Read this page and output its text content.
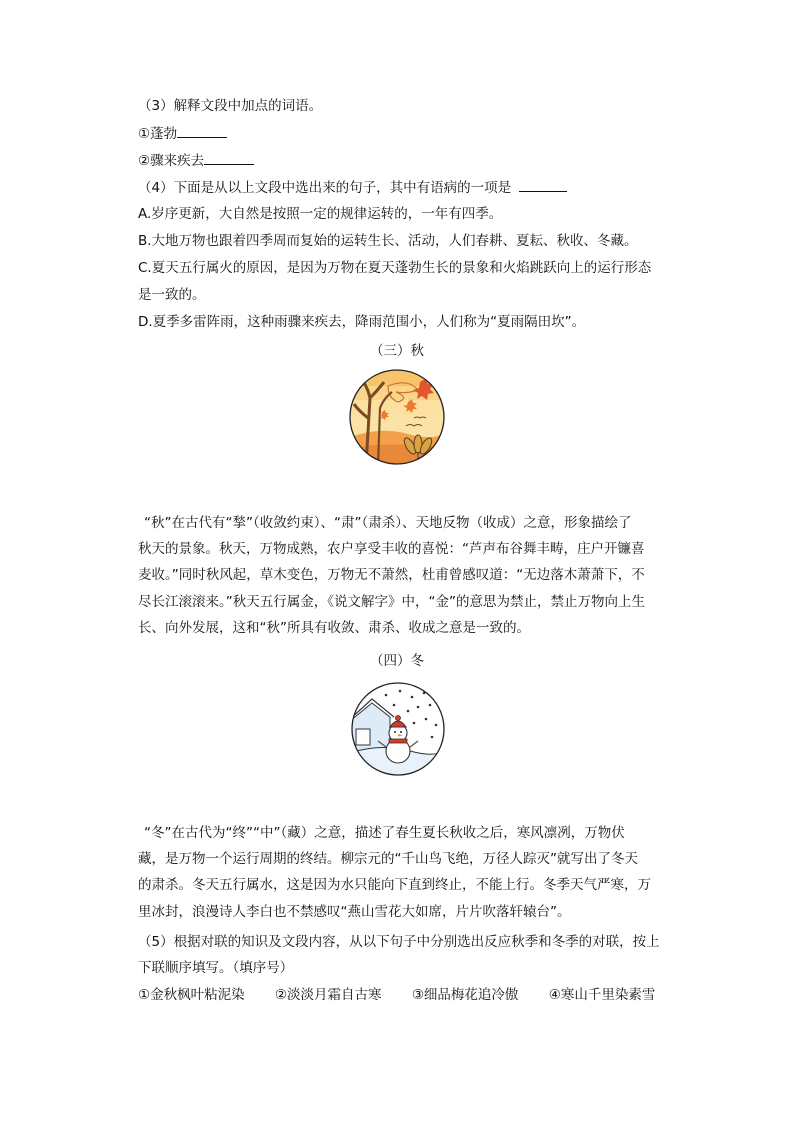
（3）解释文段中加点的词语。
①蓬勃
②骤来疾去
（4）下面是从以上文段中选出来的句子，其中有语病的一项是
A.岁序更新，大自然是按照一定的规律运转的，一年有四季。
B.大地万物也跟着四季周而复始的运转生长、活动，人们春耕、夏耘、秋收、冬藏。
C.夏天五行属火的原因，是因为万物在夏天蓬勃生长的景象和火焰跳跃向上的运行形态
是一致的。
D.夏季多雷阵雨，这种雨骤来疾去，降雨范围小，人们称为“夏雨隔田坎”。
（三）秋
“秋”在古代有“揫”（收敛约束）、“肃”（肃杀）、天地反物（收成）之意，形象描绘了
秋天的景象。秋天，万物成熟，农户享受丰收的喜悦：“芦声布谷舞丰畴，庄户开镰喜
麦收。”同时秋风起，草木变色，万物无不萧然，杜甫曾感叹道：“无边落木萧萧下，不
尽长江滚滚来。”秋天五行属金，《说文解字》中，“金”的意思为禁止，禁止万物向上生
长、向外发展，这和“秋”所具有收敛、肃杀、收成之意是一致的。
（四）冬
“冬”在古代为“终”“中”（藏）之意，描述了春生夏长秋收之后，寒风凛冽，万物伏
藏，是万物一个运行周期的终结。柳宗元的“千山鸟飞绝，万径人踪灭”就写出了冬天
的肃杀。冬天五行属水，这是因为水只能向下直到终止，不能上行。冬季天气严寒，万
里冰封，浪漫诗人李白也不禁感叹“燕山雪花大如席，片片吹落轩辕台”。
（5）根据对联的知识及文段内容，从以下句子中分别选出反应秋季和冬季的对联，按上
下联顺序填写。（填序号）
①金秋枫叶粘泥染 ②淡淡月霜自古寒 ③细品梅花追冷傲 ④寒山千里染素雪
